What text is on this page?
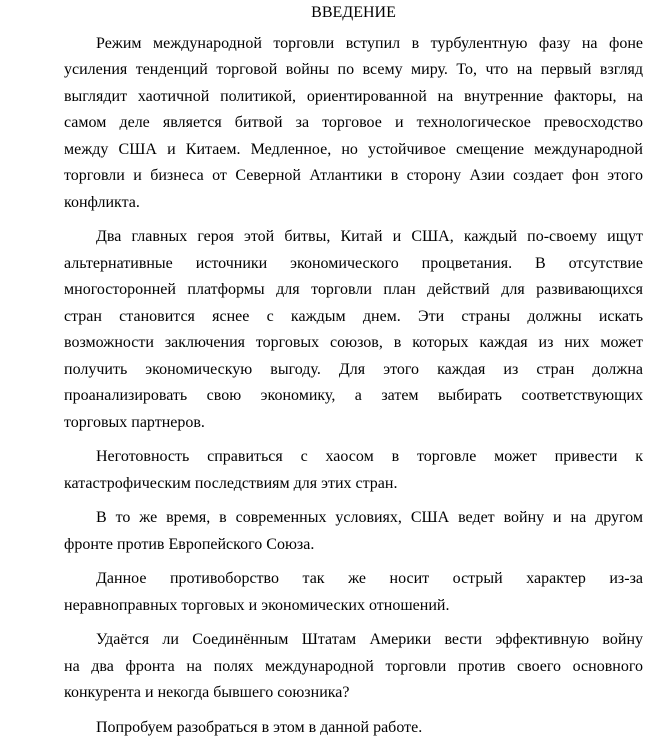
ВВЕДЕНИЕ

Режим международной торговли вступил в турбулентную фазу на фоне
усиления тенденций торговой войны по всему миру. То, что на первый взгляд
выглядит хаотичной политикой, ориентированной на внутренние факторы, на
самом деле является битвой за торговое и технологическое превосходство
между США и Китаем. Медленное, но устойчивое смещение международной
торговли и бизнеса от Северной Атлантики в сторону Азии создает фон этого
конфликта.

Два главных героя этой битвы, Китай и США, каждый по-своему ищут
альтернативные источники экономического процветания. В отсутствие
многосторонней платформы для торговли план действий для развивающихся
стран становится яснее с каждым днем. Эти страны должны искать
возможности заключения торговых союзов, в которых каждая из них может
получить экономическую выгоду. Для этого каждая из стран должна
проанализировать свою экономику, а затем выбирать соответствующих
торговых партнеров.

Неготовность справиться с хаосом в торговле может привести к
катастрофическим последствиям для этих стран.

В то же время, в современных условиях, США ведет войну и на другом
фронте против Европейского Союза.

Данное противоборство так же носит острый характер из-за
неравноправных торговых и экономических отношений.

Удаётся ли Соединённым Штатам Америки вести эффективную войну
на два фронта на полях международной торговли против своего основного
конкурента и некогда бывшего союзника?

Попробуем разобраться в этом в данной работе.
